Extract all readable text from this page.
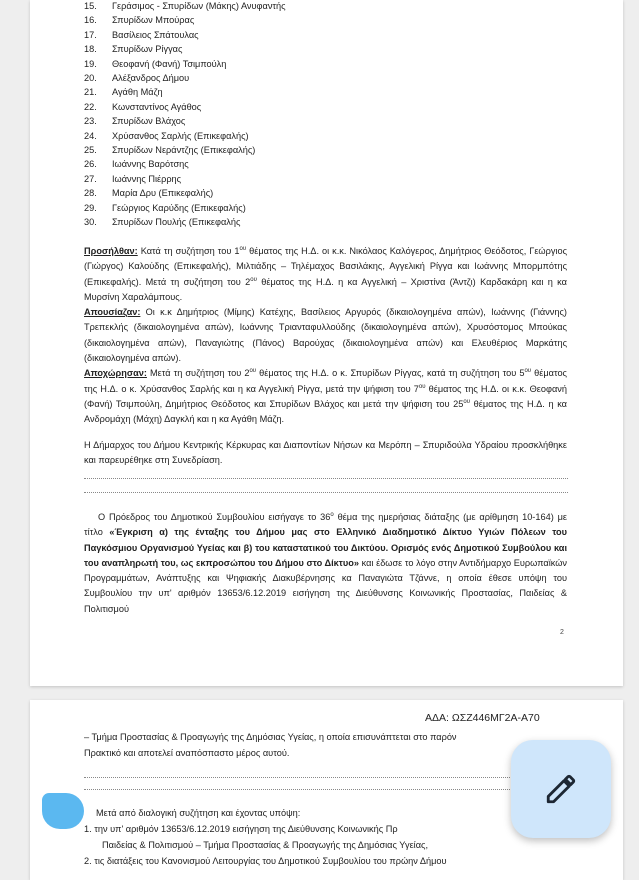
15. Γεράσιμος - Σπυρίδων (Μάκης) Ανυφαντής
16. Σπυρίδων Μπούρας
17. Βασίλειος Σπάτουλας
18. Σπυρίδων Ρίγγας
19. Θεοφανή (Φανή) Τσιμπούλη
20. Αλέξανδρος Δήμου
21. Αγάθη Μάζη
22. Κωνσταντίνος Αγάθος
23. Σπυρίδων Βλάχος
24. Χρύσανθος Σαρλής (Επικεφαλής)
25. Σπυρίδων Νεράντζης (Επικεφαλής)
26. Ιωάννης Βαρότσης
27. Ιωάννης Πιέρρης
28. Μαρία Δρυ (Επικεφαλής)
29. Γεώργιος Καρύδης (Επικεφαλής)
30. Σπυρίδων Πουλής (Επικεφαλής

Προσήλθαν: Κατά τη συζήτηση του $1^{o\upsilon}$ θέματος της Η.Δ. οι κ.κ. Νικόλαος Καλόγερος, Δημήτριος Θεόδοτος, Γεώργιος (Γιώργος) Καλούδης (Επικεφαλής), Μιλτιάδης – Τηλέμαχος Βασιλάκης, Αγγελική Ρίγγα και Ιωάννης Μπορμπότης (Επικεφαλής). Μετά τη συζήτηση του $2^{o\upsilon}$ θέματος της Η.Δ. η κα Αγγελική – Χριστίνα (Άντζι) Καρδακάρη και η κα Μυρσίνη Χαραλάμπους.

Απουσίαζαν: Οι κ.κ Δημήτριος (Μίμης) Κατέχης, Βασίλειος Αργυρός (δικαιολογημένα απών), Ιωάννης (Γιάννης) Τρεπεκλής (δικαιολογημένα απών), Ιωάννης Τριανταφυλλούδης (δικαιολογημένα απών), Χρυσόστομος Μπούκας (δικαιολογημένα απών), Παναγιώτης (Πάνος) Βαρούχας (δικαιολογημένα απών) και Ελευθέριος Μαρκάτης (δικαιολογημένα απών).

Αποχώρησαν: Μετά τη συζήτηση του $2^{o\upsilon}$ θέματος της Η.Δ. ο κ. Σπυρίδων Ρίγγας, κατά τη συζήτηση του $5^{o\upsilon}$ θέματος της Η.Δ. ο κ. Χρύσανθος Σαρλής και η κα Αγγελική Ρίγγα, μετά την ψήφιση του $7^{o\upsilon}$ θέματος της Η.Δ. οι κ.κ. Θεοφανή (Φανή) Τσιμπούλη, Δημήτριος Θεόδοτος και Σπυρίδων Βλάχος και μετά την ψήφιση του $25^{o\upsilon}$ θέματος της Η.Δ. η κα Ανδρομάχη (Μάχη) Δαγκλή και η κα Αγάθη Μάζη.

Η Δήμαρχος του Δήμου Κεντρικής Κέρκυρας και Διαποντίων Νήσων κα Μερόπη – Σπυριδούλα Υδραίου προσκλήθηκε και παρευρέθηκε στη Συνεδρίαση.

Ο Πρόεδρος του Δημοτικού Συμβουλίου εισήγαγε το $36^o$ θέμα της ημερήσιας διάταξης (με αρίθμηση 10-164) με τίτλο «Έγκριση α) της ένταξης του Δήμου μας στο Ελληνικό Διαδημοτικό Δίκτυο Υγιών Πόλεων του Παγκόσμιου Οργανισμού Υγείας και β) του καταστατικού του Δικτύου. Ορισμός ενός Δημοτικού Συμβούλου και του αναπληρωτή του, ως εκπροσώπου του Δήμου στο Δίκτυο» και έδωσε το λόγο στην Αντιδήμαρχο Ευρωπαϊκών Προγραμμάτων, Ανάπτυξης και Ψηφιακής Διακυβέρνησης κα Παναγιώτα Τζάννε, η οποία έθεσε υπόψη του Συμβουλίου την υπ' αριθμόν 13653/6.12.2019 εισήγηση της Διεύθυνσης Κοινωνικής Προστασίας, Παιδείας & Πολιτισμού

2
ΑΔΑ: ΩΣΖ446ΜΓ2Α-Α70

– Τμήμα Προστασίας & Προαγωγής της Δημόσιας Υγείας, η οποία επισυνάπτεται στο παρόν

Πρακτικό και αποτελεί αναπόσπαστο μέρος αυτού.

Μετά από διαλογική συζήτηση και έχοντας υπόψη:

1. την υπ' αριθμόν 13653/6.12.2019 εισήγηση της Διεύθυνσης Κοινωνικής Πρ

Παιδείας & Πολιτισμού – Τμήμα Προστασίας & Προαγωγής της Δημόσιας Υγείας,

2. τις διατάξεις του Κανονισμού Λειτουργίας του Δημοτικού Συμβουλίου του πρώην Δήμου
